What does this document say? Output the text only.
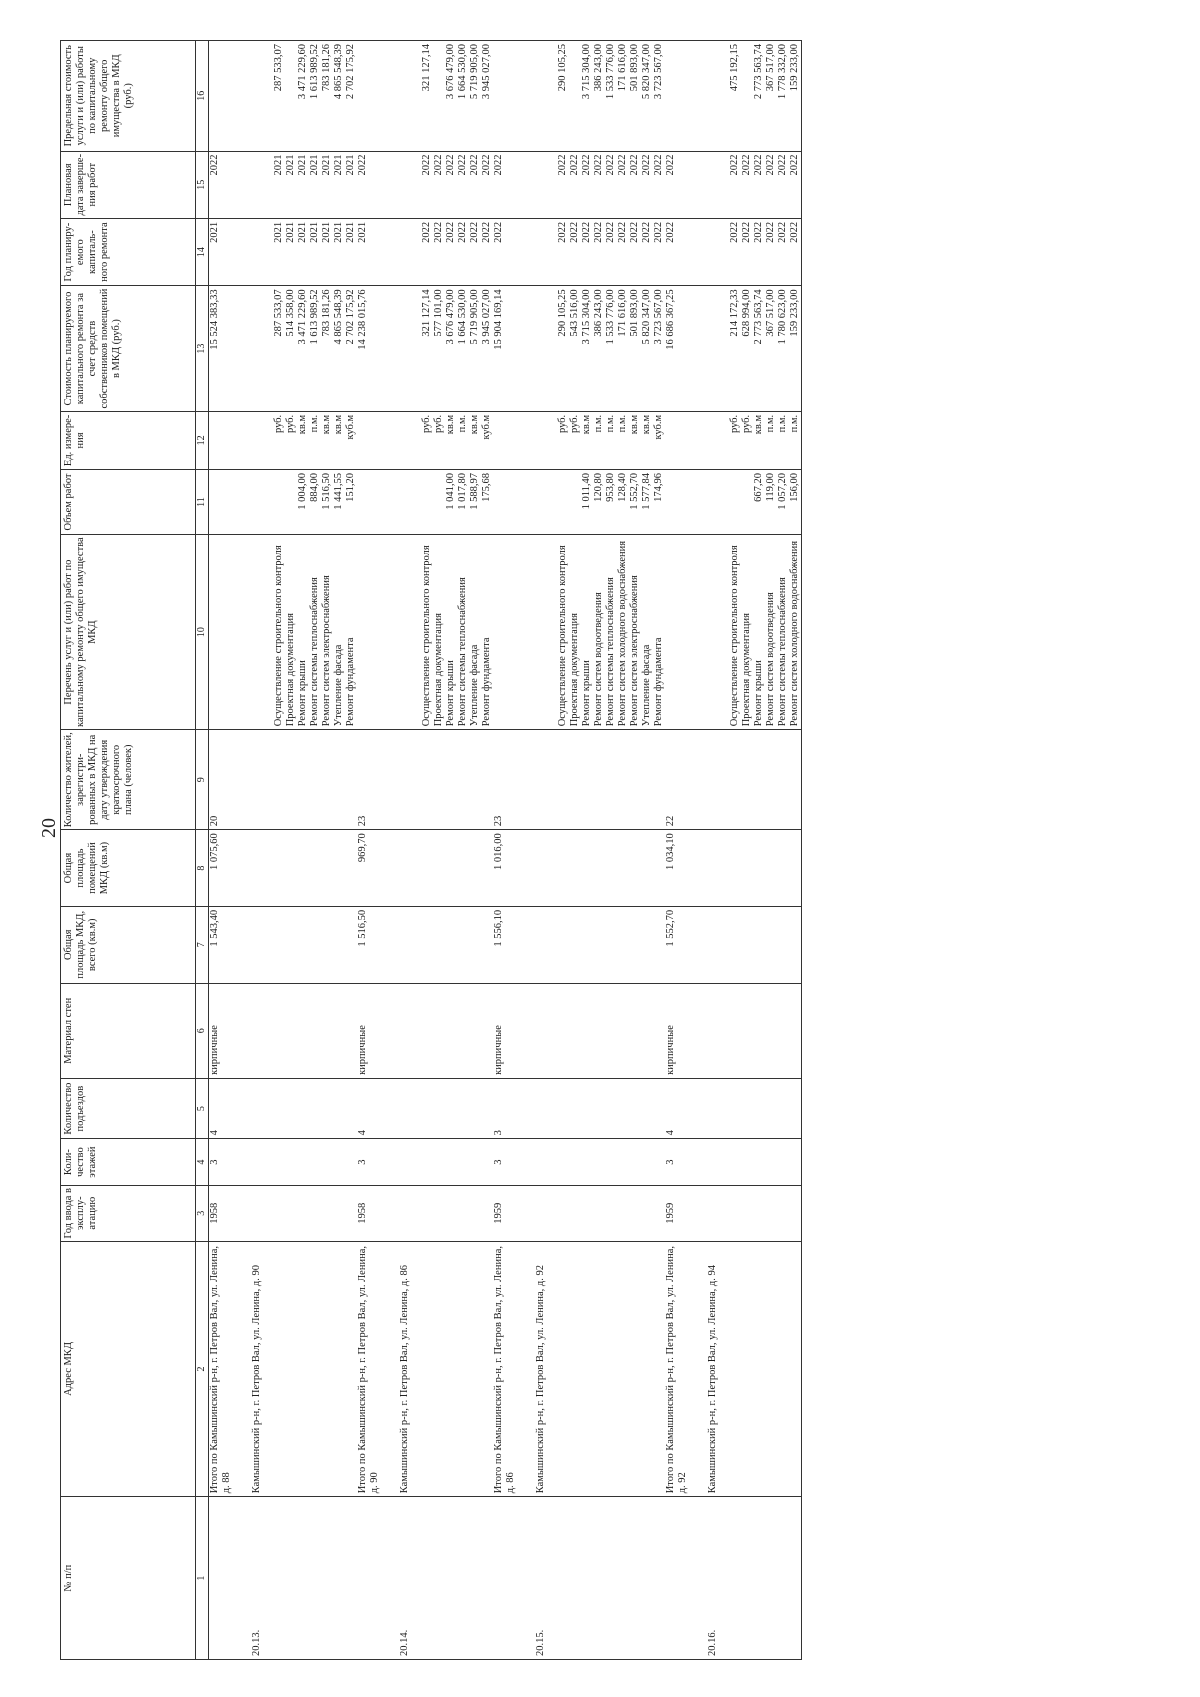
20
№ п/п	Адрес МКД	Год ввода в эксплу-атацию	Коли-чество этажей	Количество подъездов	Материал стен	Общая площадь МКД, всего (кв.м)	Общая площадь помещений МКД (кв.м)	Количество жителей, зарегистри-рованных в МКД на дату утверждения краткосрочного плана (человек)	Перечень услуг и (или) работ по капитальному ремонту общего имущества МКД	Объем работ	Ед. измере-ния	Стоимость планируемого капитального ремонта за счет средств собственников помещений в МКД (руб.)	Год планиру-емого капиталь-ного ремонта	Плановая дата заверше-ния работ	Предельная стоимость услуги и (или) работы по капитальному ремонту общего имущества в МКД (руб.)
1	2	3	4	5	6	7	8	9	10	11	12	13	14	15	16
	Итого по Камышинский р-н, г. Петров Вал, ул. Ленина, д. 88	1958	3	4	кирпичные	1 543,40	1 075,60	20				15 524 383,33	2021	2022	
20.13.	Камышинский р-н, г. Петров Вал, ул. Ленина, д. 90														
									Осуществление строительного контроля		руб.	287 533,07	2021	2021	287 533,07
									Проектная документация		руб.	514 358,00	2021	2021	
									Ремонт крыши	1 004,00	кв.м	3 471 229,60	2021	2021	3 471 229,60
									Ремонт системы теплоснабжения	884,00	п.м.	1 613 989,52	2021	2021	1 613 989,52
									Ремонт систем электроснабжения	1 516,50	кв.м	783 181,26	2021	2021	783 181,26
									Утепление фасада	1 441,55	кв.м	4 865 548,39	2021	2021	4 865 548,39
									Ремонт фундамента	151,20	куб.м	2 702 175,92	2021	2021	2 702 175,92
	Итого по Камышинский р-н, г. Петров Вал, ул. Ленина, д. 90	1958	3	4	кирпичные	1 516,50	969,70	23				14 238 015,76	2021	2022	
20.14.	Камышинский р-н, г. Петров Вал, ул. Ленина, д. 86														
									Осуществление строительного контроля		руб.	321 127,14	2022	2022	321 127,14
									Проектная документация		руб.	577 101,00	2022	2022	
									Ремонт крыши	1 041,00	кв.м	3 676 479,00	2022	2022	3 676 479,00
									Ремонт системы теплоснабжения	1 017,80	п.м.	1 664 530,00	2022	2022	1 664 530,00
									Утепление фасада	1 588,97	кв.м	5 719 905,00	2022	2022	5 719 905,00
									Ремонт фундамента	175,68	куб.м	3 945 027,00	2022	2022	3 945 027,00
	Итого по Камышинский р-н, г. Петров Вал, ул. Ленина, д. 86	1959	3	3	кирпичные	1 556,10	1 016,00	23				15 904 169,14	2022	2022	
20.15.	Камышинский р-н, г. Петров Вал, ул. Ленина, д. 92														
									Осуществление строительного контроля		руб.	290 105,25	2022	2022	290 105,25
									Проектная документация		руб.	543 516,00	2022	2022	
									Ремонт крыши	1 011,40	кв.м	3 715 304,00	2022	2022	3 715 304,00
									Ремонт систем водоотведения	120,80	п.м.	386 243,00	2022	2022	386 243,00
									Ремонт системы теплоснабжения	953,80	п.м.	1 533 776,00	2022	2022	1 533 776,00
									Ремонт систем холодного водоснабжения	128,40	п.м.	171 616,00	2022	2022	171 616,00
									Ремонт систем электроснабжения	1 552,70	кв.м	501 893,00	2022	2022	501 893,00
									Утепление фасада	1 577,84	кв.м	5 820 347,00	2022	2022	5 820 347,00
									Ремонт фундамента	174,96	куб.м	3 723 567,00	2022	2022	3 723 567,00
	Итого по Камышинский р-н, г. Петров Вал, ул. Ленина, д. 92	1959	3	4	кирпичные	1 552,70	1 034,10	22				16 686 367,25	2022	2022	
20.16.	Камышинский р-н, г. Петров Вал, ул. Ленина, д. 94														
									Осуществление строительного контроля		руб.	214 172,33	2022	2022	475 192,15
									Проектная документация		руб.	628 994,00	2022	2022	
									Ремонт крыши	667,20	кв.м	2 773 563,74	2022	2022	2 773 563,74
									Ремонт систем водоотведения	119,00	п.м.	367 517,00	2022	2022	367 517,00
									Ремонт системы теплоснабжения	1 057,20	п.м.	1 780 623,00	2022	2022	1 778 332,00
									Ремонт систем холодного водоснабжения	156,00	п.м.	159 233,00	2022	2022	159 233,00
